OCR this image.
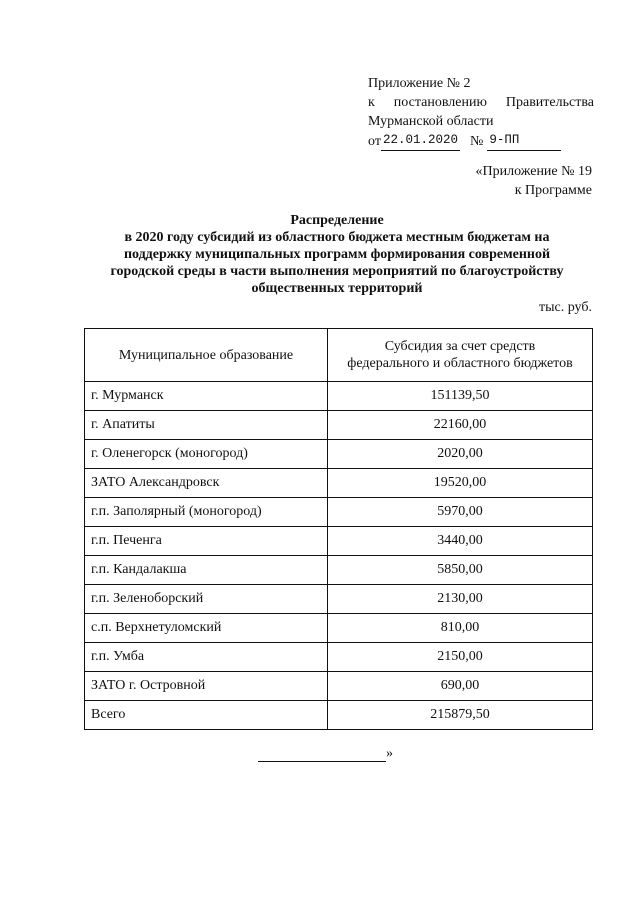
Приложение № 2
к постановлению Правительства
Мурманской области
от 22.01.2020 № 9-ПП
«Приложение № 19
к Программе
Распределение
в 2020 году субсидий из областного бюджета местным бюджетам на
поддержку муниципальных программ формирования современной
городской среды в части выполнения мероприятий по благоустройству
общественных территорий
тыс. руб.
Муниципальное образование	Субсидия за счет средств
федерального и областного бюджетов

г. Мурманск	151139,50
г. Апатиты	22160,00
г. Оленегорск (моногород)	2020,00
ЗАТО Александровск	19520,00
г.п. Заполярный (моногород)	5970,00
г.п. Печенга	3440,00
г.п. Кандалакша	5850,00
г.п. Зеленоборский	2130,00
с.п. Верхнетуломский	810,00
г.п. Умба	2150,00
ЗАТО г. Островной	690,00
Всего	215879,50
»
